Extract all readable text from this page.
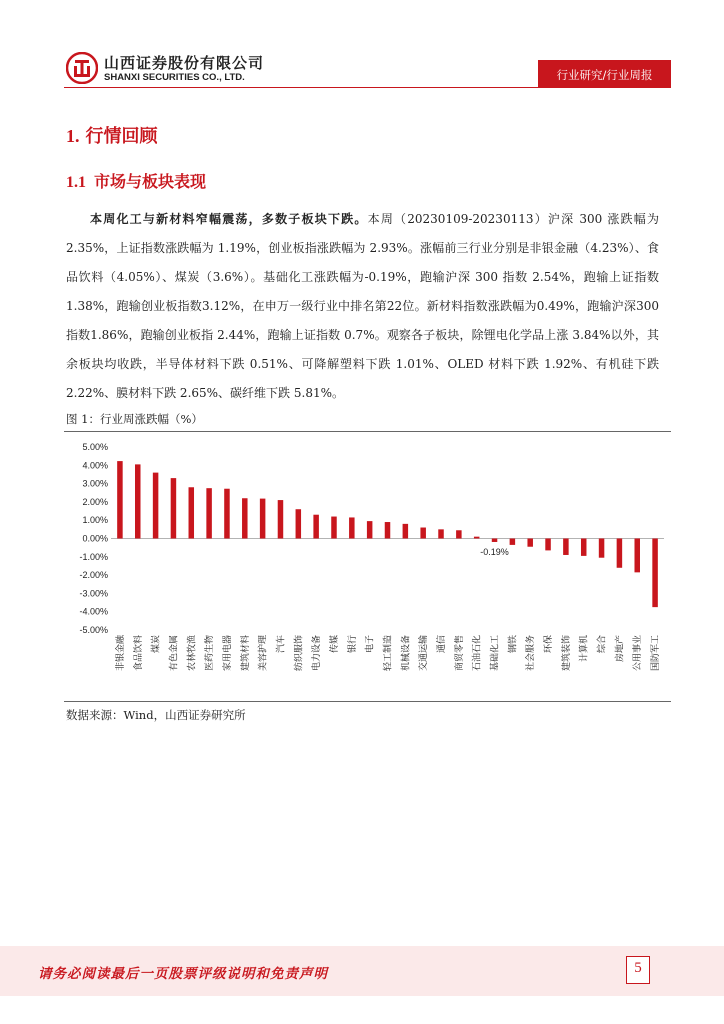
山西证券股份有限公司
SHANXI SECURITIES CO., LTD.	行业研究/行业周报
1. 行情回顾
1.1 市场与板块表现
本周化工与新材料窄幅震荡，多数子板块下跌。本周（20230109-20230113）沪深 300 涨跌幅为 2.35%，上证指数涨跌幅为 1.19%，创业板指涨跌幅为 2.93%。涨幅前三行业分别是非银金融（4.23%）、食品饮料（4.05%）、煤炭（3.6%）。基础化工涨跌幅为-0.19%，跑输沪深 300 指数 2.54%，跑输上证指数 1.38%，跑输创业板指数3.12%，在申万一级行业中排名第22位。新材料指数涨跌幅为0.49%，跑输沪深300指数1.86%，跑输创业板指 2.44%，跑输上证指数 0.7%。观察各子板块，除锂电化学品上涨 3.84%以外，其余板块均收跌，半导体材料下跌 0.51%、可降解塑料下跌 1.01%、OLED 材料下跌 1.92%、有机硅下跌 2.22%、膜材料下跌 2.65%、碳纤维下跌 5.81%。
图 1：行业周涨跌幅（%）
5.00%
4.00%
3.00%
2.00%
1.00%
0.00%
-1.00%
-2.00%
-3.00%
-4.00%
-5.00%
非银金融 食品饮料 煤炭 有色金属 农林牧渔 医药生物 家用电器 建筑材料 美容护理 汽车 纺织服饰 电力设备 传媒 银行 电子 轻工制造 机械设备 交通运输 通信 商贸零售 石油石化 基础化工 钢铁 社会服务 环保 建筑装饰 计算机 综合 房地产 公用事业 国防军工
-0.19%
数据来源：Wind，山西证券研究所
请务必阅读最后一页股票评级说明和免责声明	5
